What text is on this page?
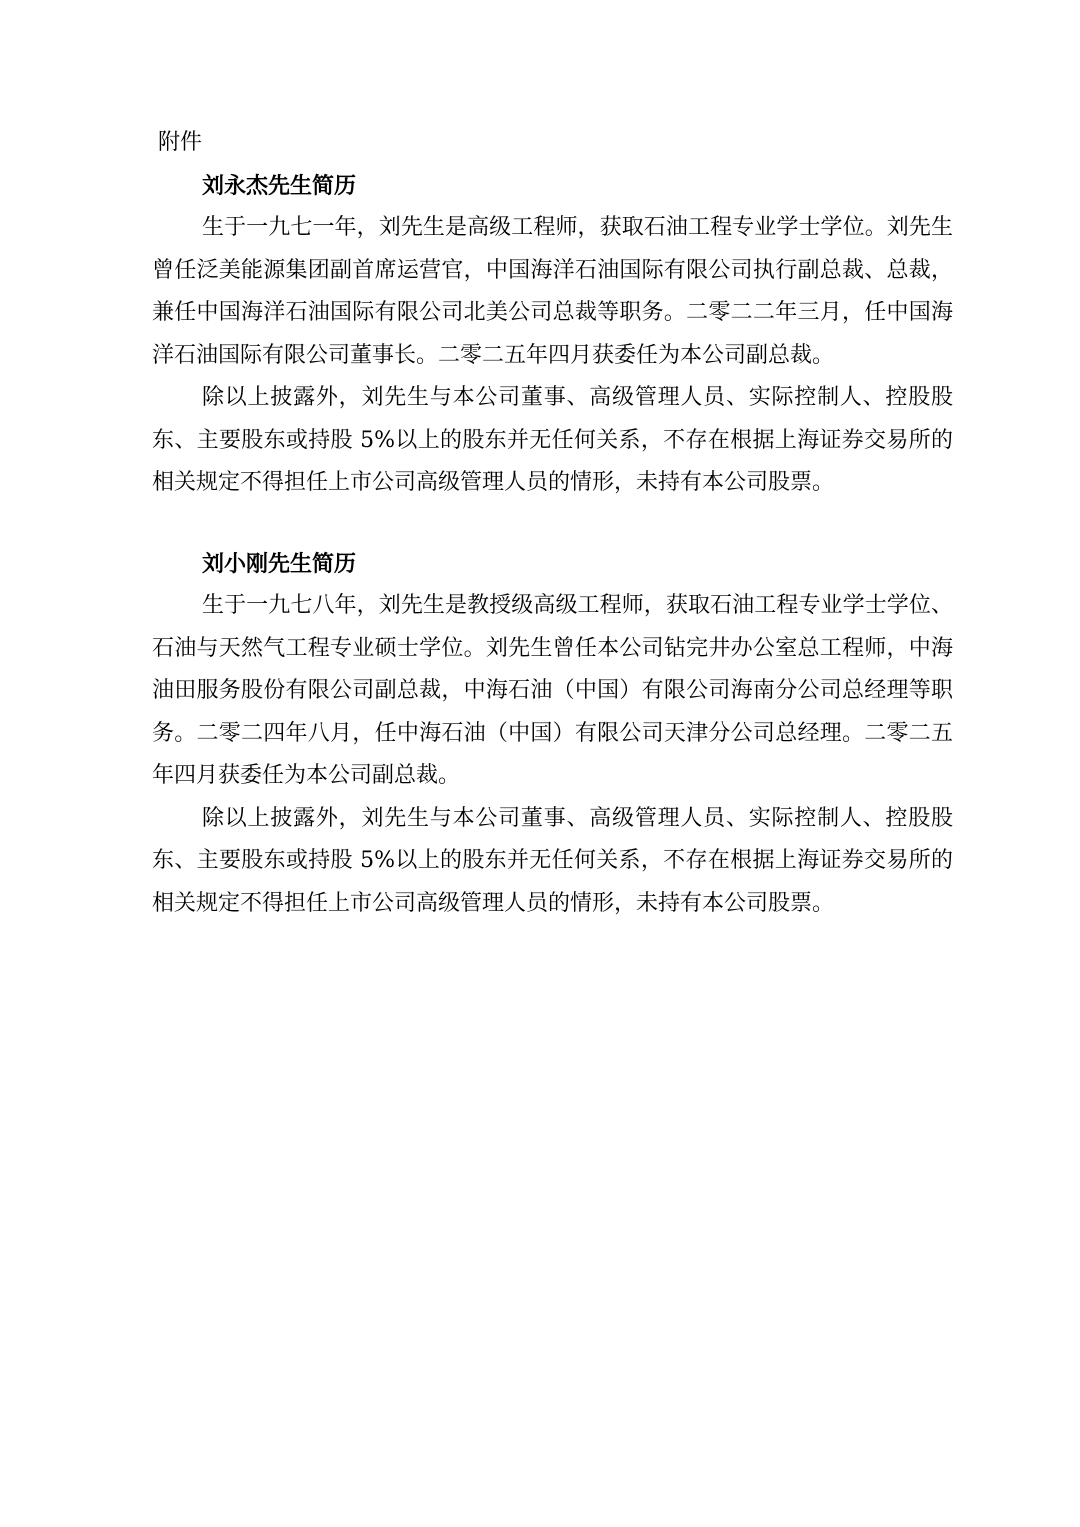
附件
刘永杰先生简历

生于一九七一年，刘先生是高级工程师，获取石油工程专业学士学位。刘先生曾任泛美能源集团副首席运营官，中国海洋石油国际有限公司执行副总裁、总裁，兼任中国海洋石油国际有限公司北美公司总裁等职务。二零二二年三月，任中国海洋石油国际有限公司董事长。二零二五年四月获委任为本公司副总裁。

除以上披露外，刘先生与本公司董事、高级管理人员、实际控制人、控股股东、主要股东或持股 5%以上的股东并无任何关系，不存在根据上海证券交易所的相关规定不得担任上市公司高级管理人员的情形，未持有本公司股票。

刘小刚先生简历

生于一九七八年，刘先生是教授级高级工程师，获取石油工程专业学士学位、石油与天然气工程专业硕士学位。刘先生曾任本公司钻完井办公室总工程师，中海油田服务股份有限公司副总裁，中海石油（中国）有限公司海南分公司总经理等职务。二零二四年八月，任中海石油（中国）有限公司天津分公司总经理。二零二五年四月获委任为本公司副总裁。

除以上披露外，刘先生与本公司董事、高级管理人员、实际控制人、控股股东、主要股东或持股 5%以上的股东并无任何关系，不存在根据上海证券交易所的相关规定不得担任上市公司高级管理人员的情形，未持有本公司股票。
